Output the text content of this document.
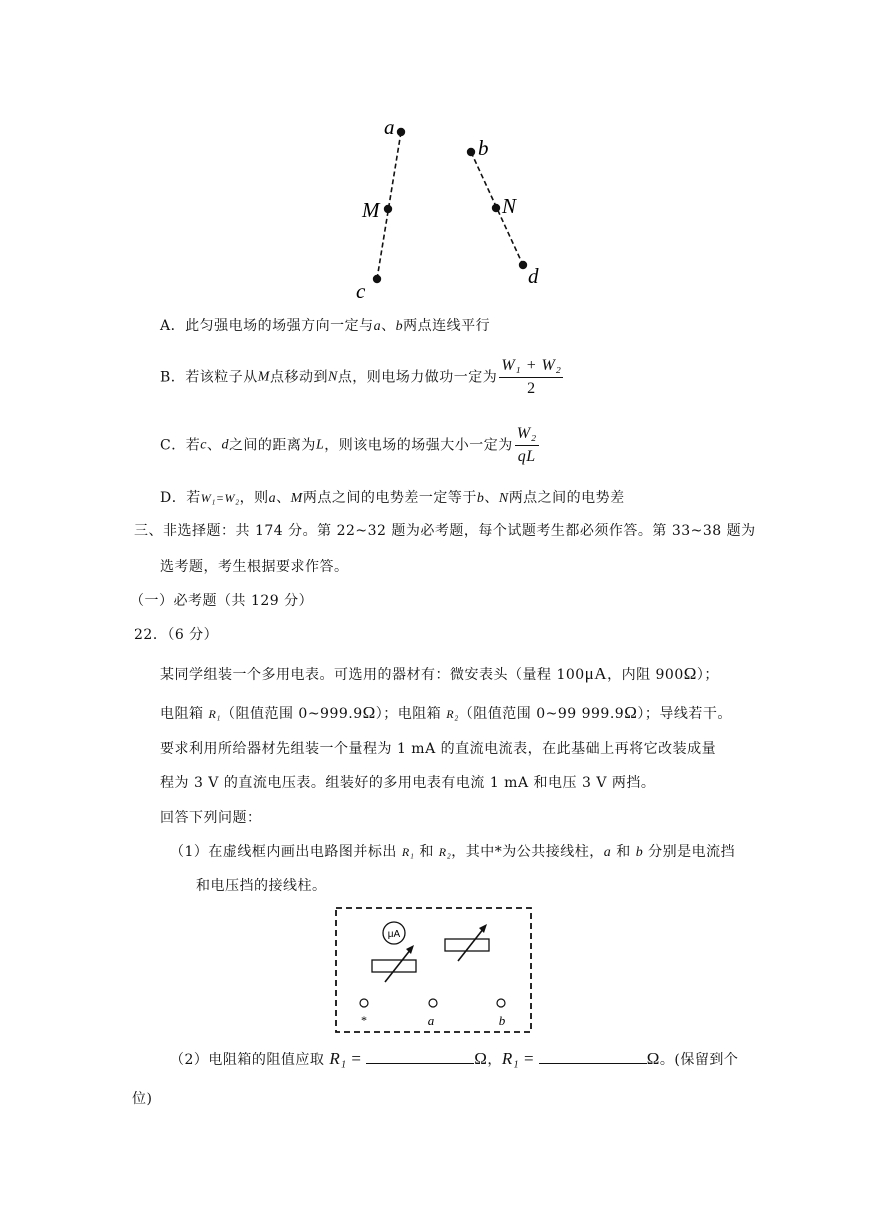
a
M
c
b
N
d
A．此匀强电场的场强方向一定与a、b两点连线平行
B．若该粒子从M点移动到N点，则电场力做功一定为 $\frac{\text{W₁ + W₂}}{2}$
C．若c、d之间的距离为L，则该电场的场强大小一定为 $\frac{\text{W₂}}{qL}$
D．若W₁=W₂，则a、M两点之间的电势差一定等于b、N两点之间的电势差
三、非选择题：共 174 分。第 22~32 题为必考题，每个试题考生都必须作答。第 33~38 题为
选考题，考生根据要求作答。
（一）必考题（共 129 分）
22．（6 分）
某同学组装一个多用电表。可选用的器材有：微安表头（量程 100μA，内阻 900Ω）；
电阻箱 R₁（阻值范围 0~999.9Ω）；电阻箱 R₂（阻值范围 0~99 999.9Ω）；导线若干。
要求利用所给器材先组装一个量程为 1 mA 的直流电流表，在此基础上再将它改装成量
程为 3 V 的直流电压表。组装好的多用电表有电流 1 mA 和电压 3 V 两挡。
回答下列问题：
（1）在虚线框内画出电路图并标出 R₁ 和 R₂，其中*为公共接线柱，a 和 b 分别是电流挡
和电压挡的接线柱。
μA
*	a	b
（2）电阻箱的阻值应取 R₁ =	Ω，R₁ =	Ω。(保留到个
位)
